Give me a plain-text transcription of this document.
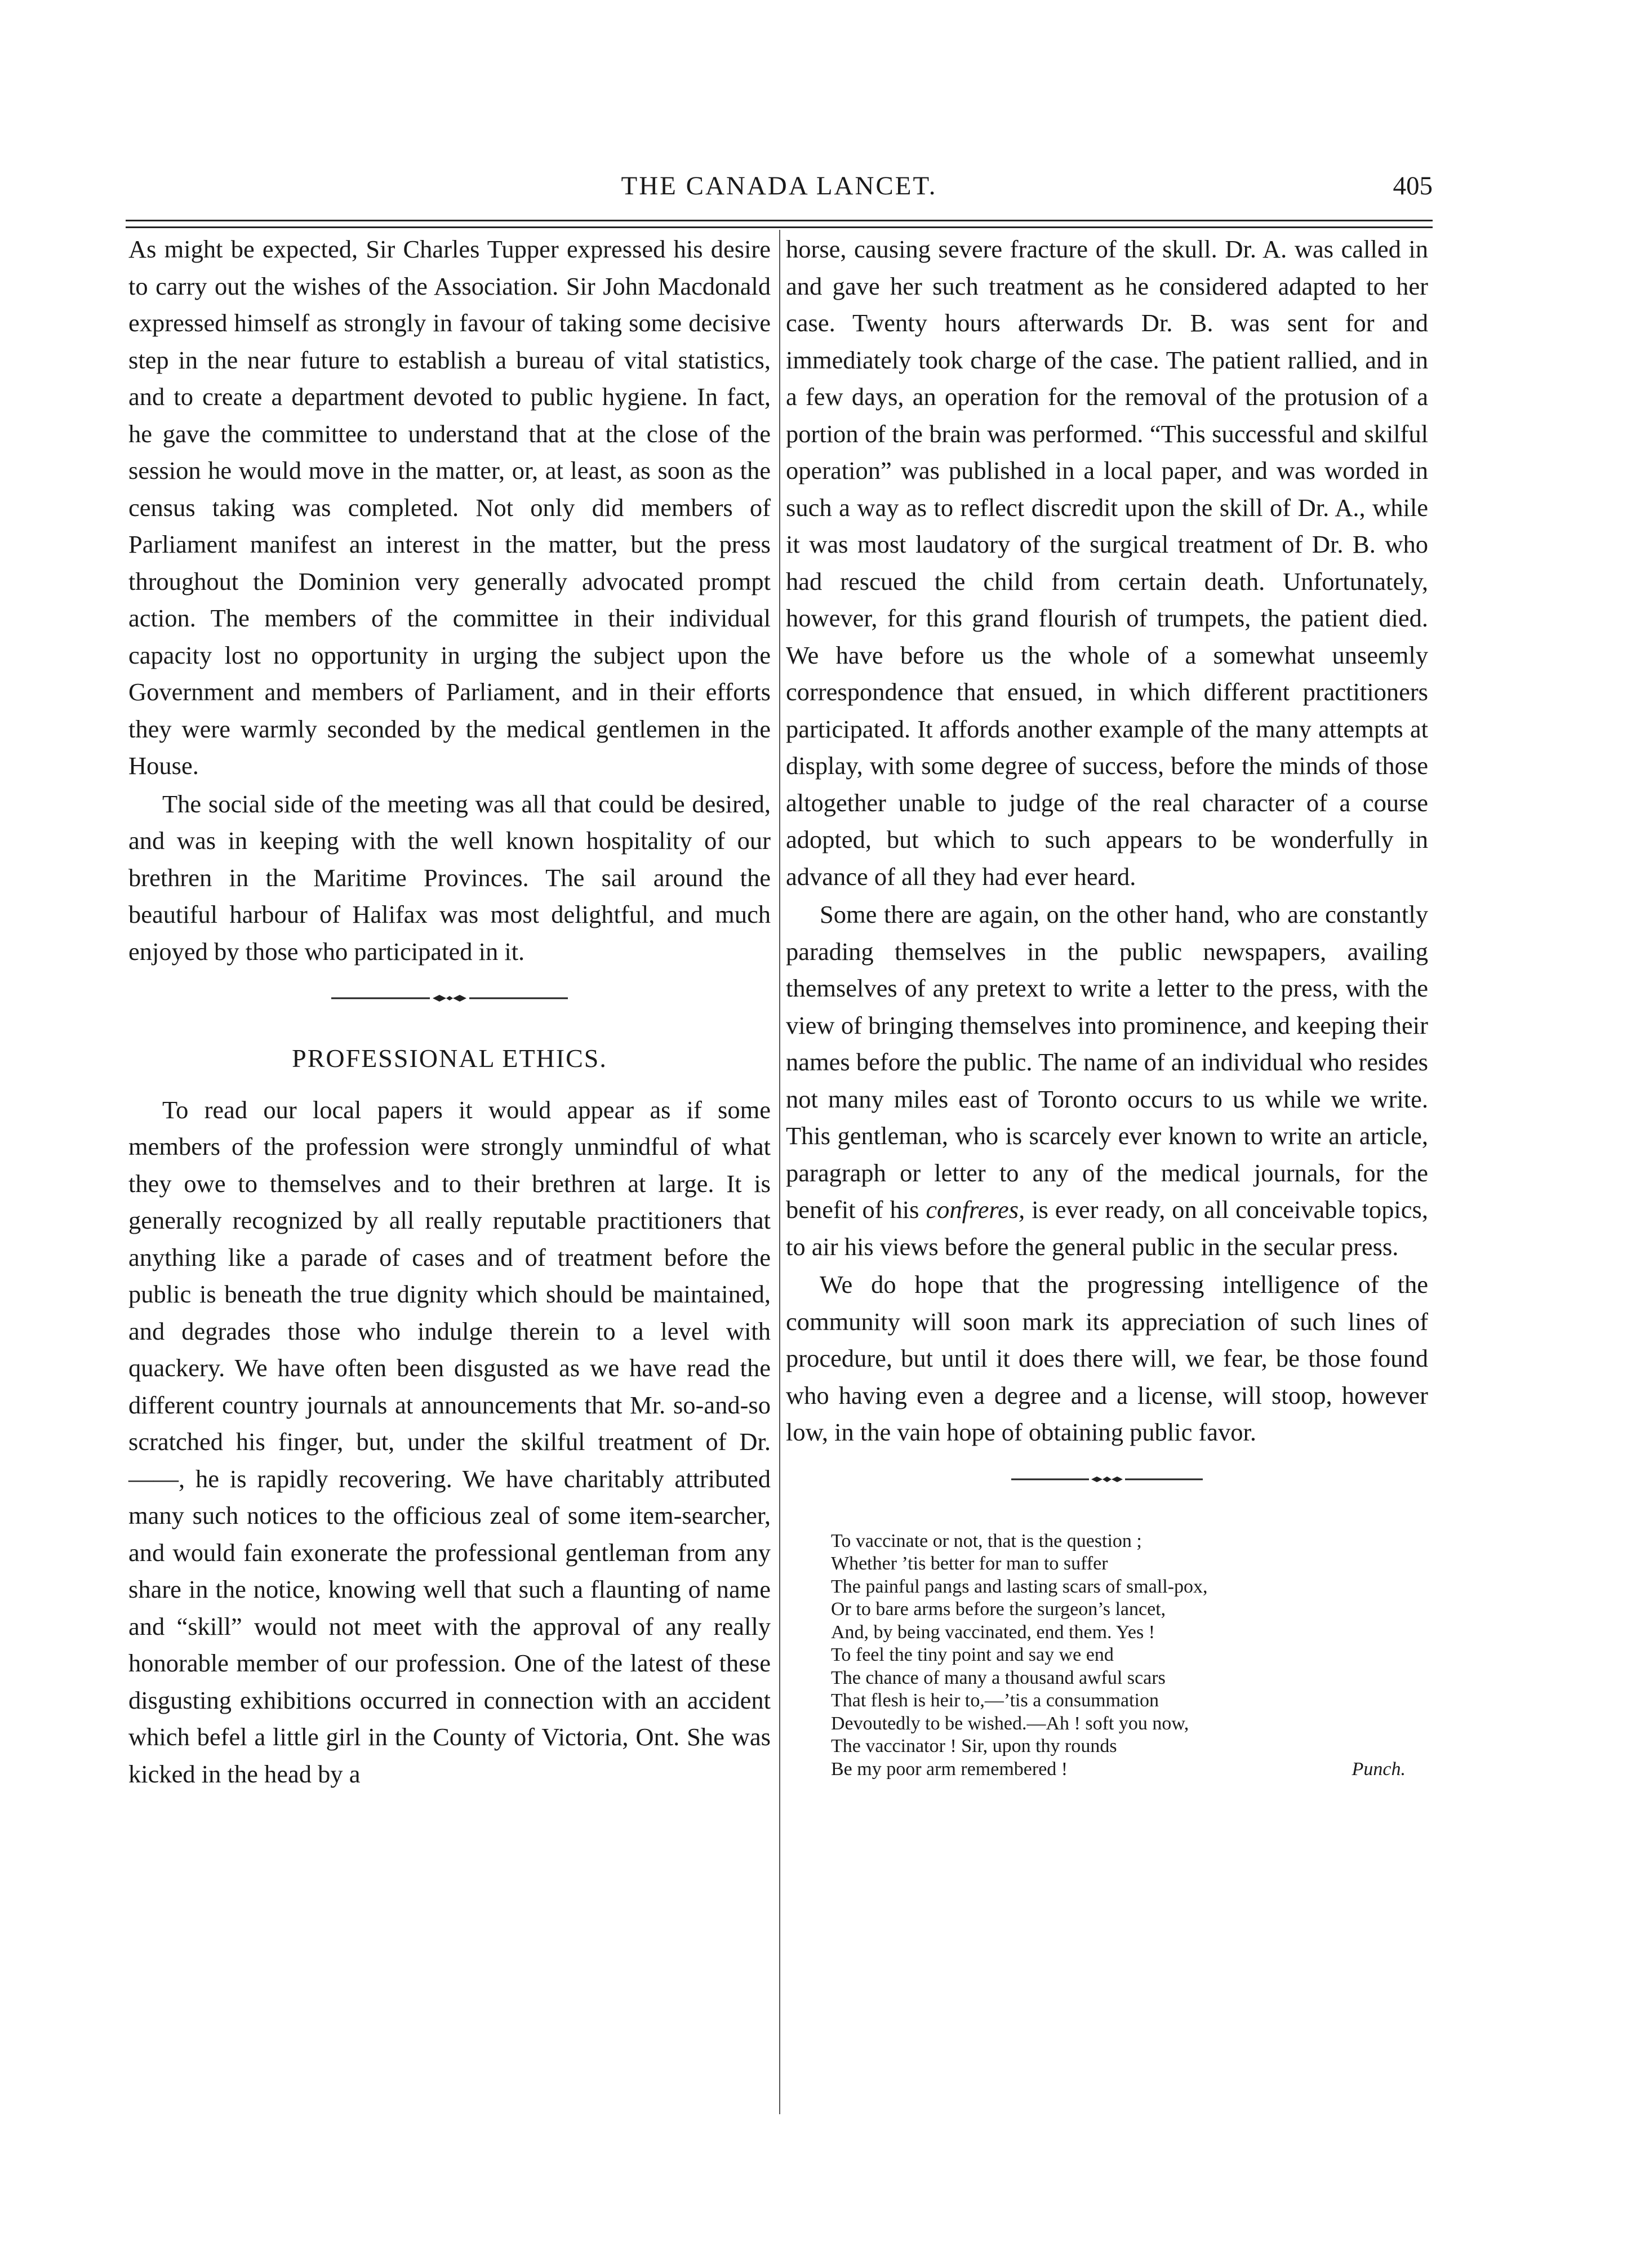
THE CANADA LANCET.	405

As might be expected, Sir Charles Tupper expressed his desire to carry out the wishes of the Association. Sir John Macdonald expressed himself as strongly in favour of taking some decisive step in the near future to establish a bureau of vital statistics, and to create a department devoted to public hygiene. In fact, he gave the committee to understand that at the close of the session he would move in the matter, or, at least, as soon as the census taking was completed. Not only did members of Parliament manifest an interest in the matter, but the press throughout the Dominion very generally advocated prompt action. The members of the committee in their individual capacity lost no opportunity in urging the subject upon the Government and members of Parliament, and in their efforts they were warmly seconded by the medical gentlemen in the House.

The social side of the meeting was all that could be desired, and was in keeping with the well known hospitality of our brethren in the Maritime Provinces. The sail around the beautiful harbour of Halifax was most delightful, and much enjoyed by those who participated in it.

PROFESSIONAL ETHICS.

To read our local papers it would appear as if some members of the profession were strongly unmindful of what they owe to themselves and to their brethren at large. It is generally recognized by all really reputable practitioners that anything like a parade of cases and of treatment before the public is beneath the true dignity which should be maintained, and degrades those who indulge therein to a level with quackery. We have often been disgusted as we have read the different country journals at announcements that Mr. so-and-so scratched his finger, but, under the skilful treatment of Dr. ——, he is rapidly recovering. We have charitably attributed many such notices to the officious zeal of some item-searcher, and would fain exonerate the professional gentleman from any share in the notice, knowing well that such a flaunting of name and “skill” would not meet with the approval of any really honorable member of our profession. One of the latest of these disgusting exhibitions occurred in connection with an accident which befel a little girl in the County of Victoria, Ont. She was kicked in the head by a

horse, causing severe fracture of the skull. Dr. A. was called in and gave her such treatment as he considered adapted to her case. Twenty hours afterwards Dr. B. was sent for and immediately took charge of the case. The patient rallied, and in a few days, an operation for the removal of the protusion of a portion of the brain was performed. “This successful and skilful operation” was published in a local paper, and was worded in such a way as to reflect discredit upon the skill of Dr. A., while it was most laudatory of the surgical treatment of Dr. B. who had rescued the child from certain death. Unfortunately, however, for this grand flourish of trumpets, the patient died. We have before us the whole of a somewhat unseemly correspondence that ensued, in which different practitioners participated. It affords another example of the many attempts at display, with some degree of success, before the minds of those altogether unable to judge of the real character of a course adopted, but which to such appears to be wonderfully in advance of all they had ever heard.

Some there are again, on the other hand, who are constantly parading themselves in the public newspapers, availing themselves of any pretext to write a letter to the press, with the view of bringing themselves into prominence, and keeping their names before the public. The name of an individual who resides not many miles east of Toronto occurs to us while we write. This gentleman, who is scarcely ever known to write an article, paragraph or letter to any of the medical journals, for the benefit of his confreres, is ever ready, on all conceivable topics, to air his views before the general public in the secular press.

We do hope that the progressing intelligence of the community will soon mark its appreciation of such lines of procedure, but until it does there will, we fear, be those found who having even a degree and a license, will stoop, however low, in the vain hope of obtaining public favor.

To vaccinate or not, that is the question ;
Whether ’tis better for man to suffer
The painful pangs and lasting scars of small-pox,
Or to bare arms before the surgeon’s lancet,
And, by being vaccinated, end them. Yes !
To feel the tiny point and say we end
The chance of many a thousand awful scars
That flesh is heir to,—’tis a consummation
Devoutedly to be wished.—Ah ! soft you now,
The vaccinator ! Sir, upon thy rounds
Be my poor arm remembered !	Punch.
